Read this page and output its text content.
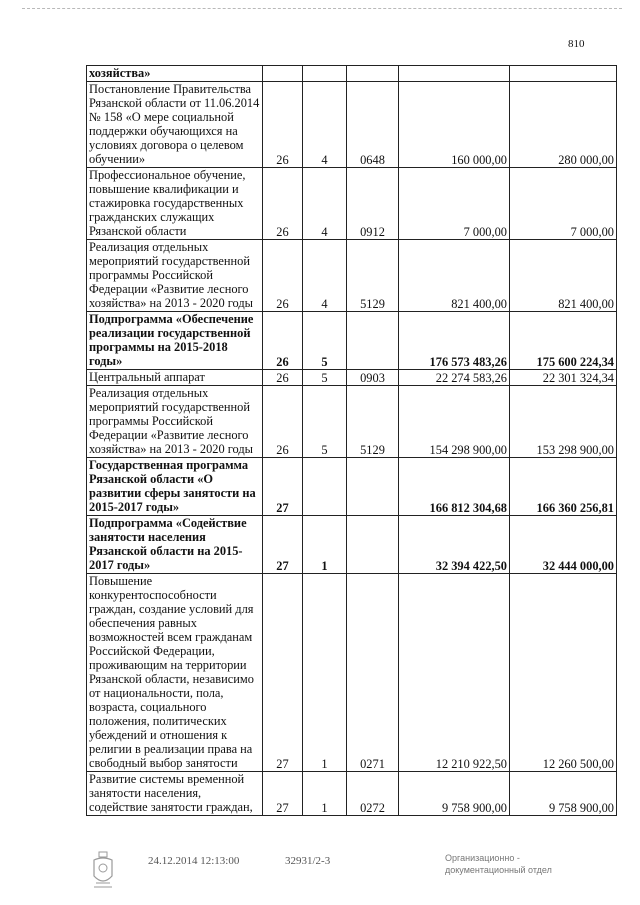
810
хозяйства»					
Постановление Правительства Рязанской области от 11.06.2014 № 158 «О мере социальной поддержки обучающихся на условиях договора о целевом обучении»	26	4	0648	160 000,00	280 000,00
Профессиональное обучение, повышение квалификации и стажировка государственных гражданских служащих Рязанской области	26	4	0912	7 000,00	7 000,00
Реализация отдельных мероприятий государственной программы Российской Федерации «Развитие лесного хозяйства» на 2013 - 2020 годы	26	4	5129	821 400,00	821 400,00
Подпрограмма «Обеспечение реализации государственной программы на 2015-2018 годы»	26	5		176 573 483,26	175 600 224,34
Центральный аппарат	26	5	0903	22 274 583,26	22 301 324,34
Реализация отдельных мероприятий государственной программы Российской Федерации «Развитие лесного хозяйства» на 2013 - 2020 годы	26	5	5129	154 298 900,00	153 298 900,00
Государственная программа Рязанской области «О развитии сферы занятости на 2015-2017 годы»	27			166 812 304,68	166 360 256,81
Подпрограмма «Содействие занятости населения Рязанской области на 2015-2017 годы»	27	1		32 394 422,50	32 444 000,00
Повышение конкурентоспособности граждан, создание условий для обеспечения равных возможностей всем гражданам Российской Федерации, проживающим на территории Рязанской области, независимо от национальности, пола, возраста, социального положения, политических убеждений и отношения к религии в реализации права на свободный выбор занятости	27	1	0271	12 210 922,50	12 260 500,00
Развитие системы временной занятости населения, содействие занятости граждан,	27	1	0272	9 758 900,00	9 758 900,00
24.12.2014 12:13:00	32931/2-3	Организационно -
документационный отдел
